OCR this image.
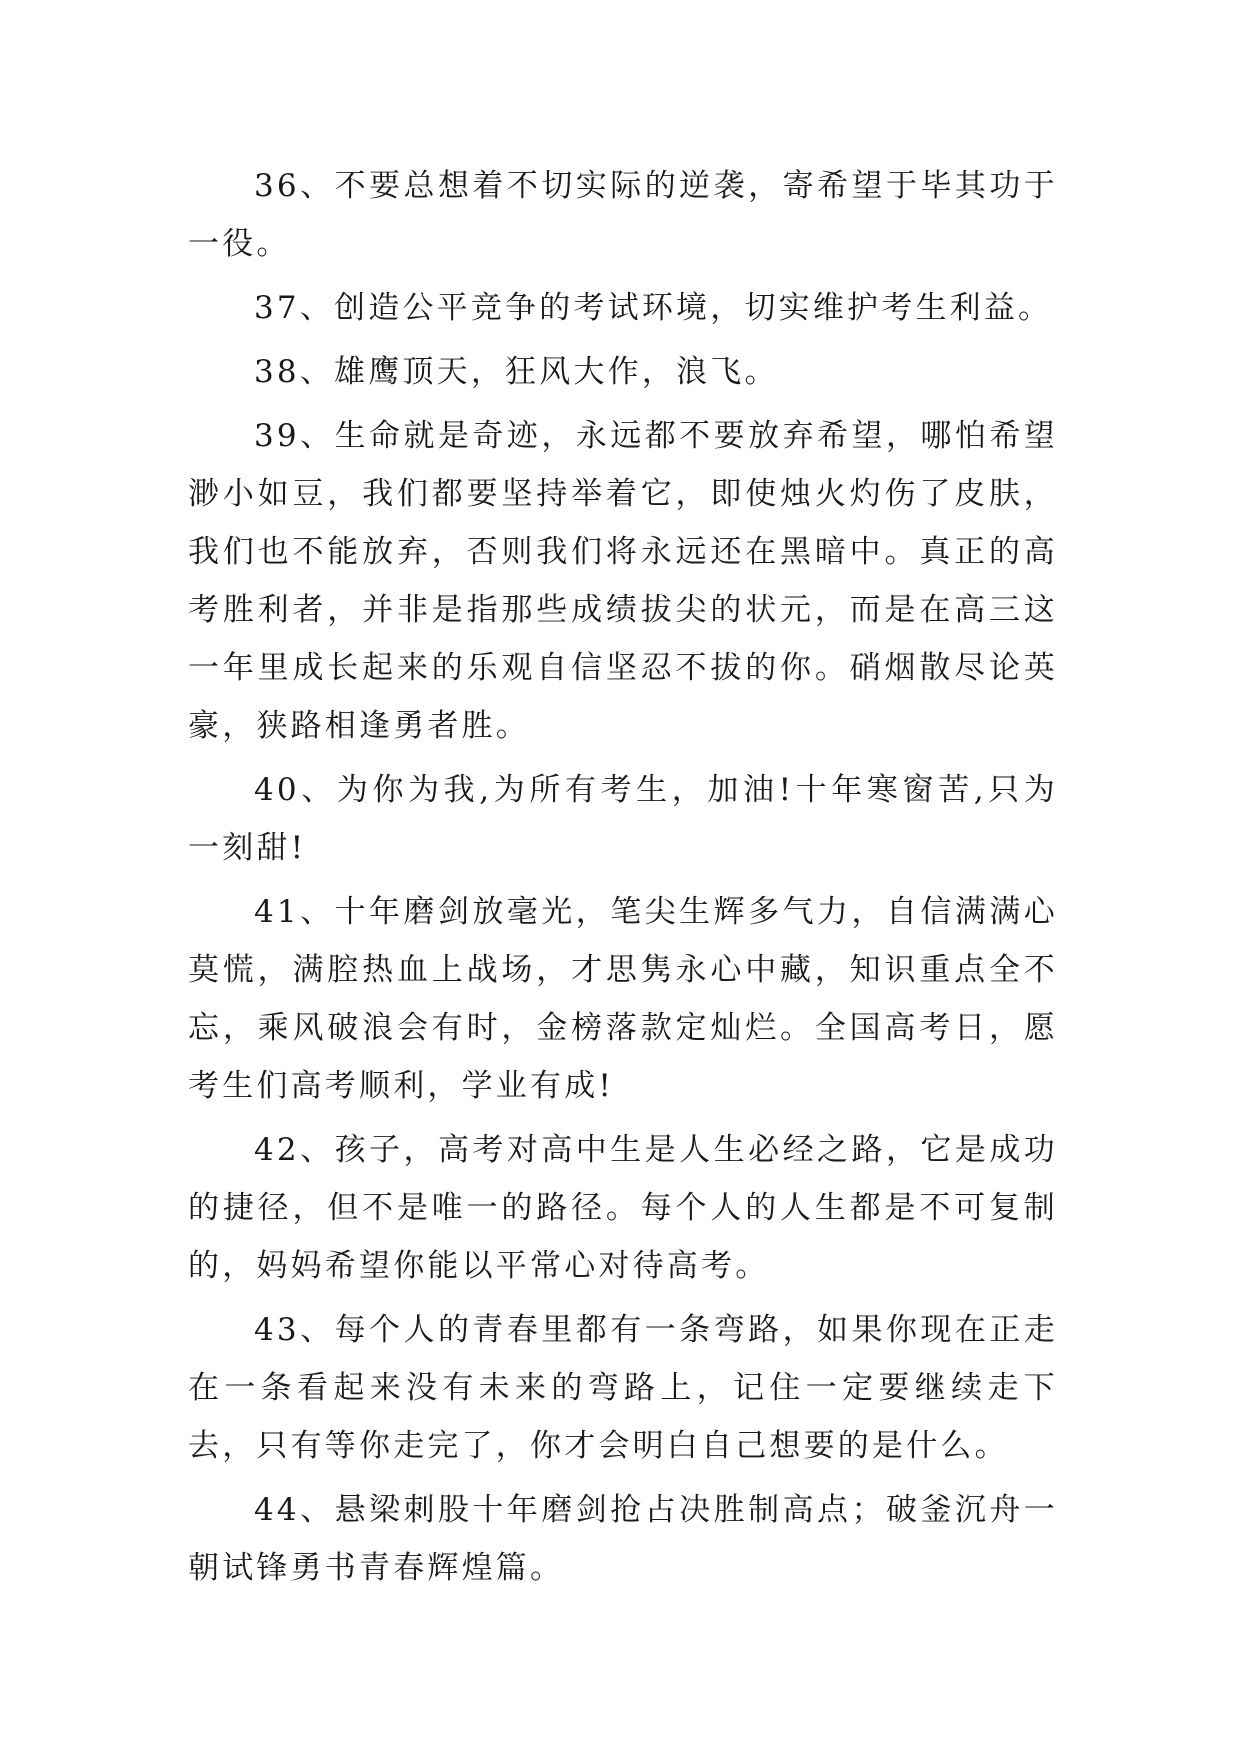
36、不要总想着不切实际的逆袭，寄希望于毕其功于一役。

37、创造公平竞争的考试环境，切实维护考生利益。

38、雄鹰顶天，狂风大作，浪飞。

39、生命就是奇迹，永远都不要放弃希望，哪怕希望渺小如豆，我们都要坚持举着它，即使烛火灼伤了皮肤，我们也不能放弃，否则我们将永远还在黑暗中。真正的高考胜利者，并非是指那些成绩拔尖的状元，而是在高三这一年里成长起来的乐观自信坚忍不拔的你。硝烟散尽论英豪，狭路相逢勇者胜。

40、为你为我,为所有考生，加油!十年寒窗苦,只为一刻甜!

41、十年磨剑放毫光，笔尖生辉多气力，自信满满心莫慌，满腔热血上战场，才思隽永心中藏，知识重点全不忘，乘风破浪会有时，金榜落款定灿烂。全国高考日，愿考生们高考顺利，学业有成!

42、孩子，高考对高中生是人生必经之路，它是成功的捷径，但不是唯一的路径。每个人的人生都是不可复制的，妈妈希望你能以平常心对待高考。

43、每个人的青春里都有一条弯路，如果你现在正走在一条看起来没有未来的弯路上，记住一定要继续走下去，只有等你走完了，你才会明白自己想要的是什么。

44、悬梁刺股十年磨剑抢占决胜制高点；破釜沉舟一朝试锋勇书青春辉煌篇。
